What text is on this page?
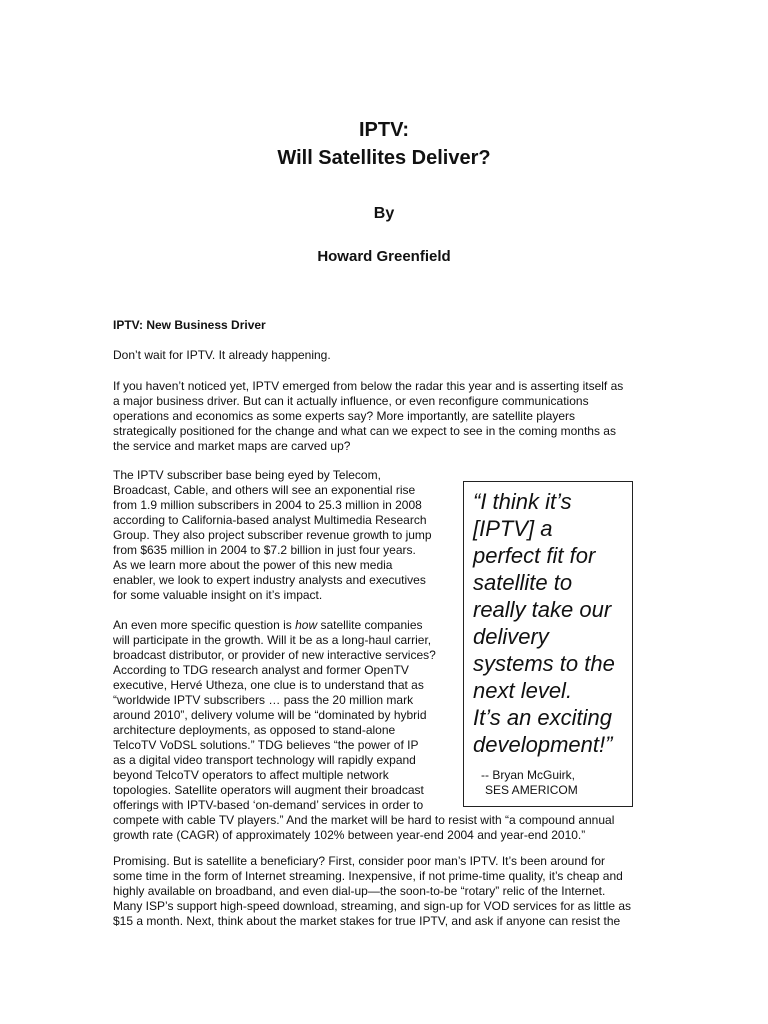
IPTV:
Will Satellites Deliver?

By

Howard Greenfield

IPTV: New Business Driver

Don’t wait for IPTV. It already happening.

If you haven’t noticed yet, IPTV emerged from below the radar this year and is asserting itself as
a major business driver. But can it actually influence, or even reconfigure communications
operations and economics as some experts say? More importantly, are satellite players
strategically positioned for the change and what can we expect to see in the coming months as
the service and market maps are carved up?

The IPTV subscriber base being eyed by Telecom,
Broadcast, Cable, and others will see an exponential rise
from 1.9 million subscribers in 2004 to 25.3 million in 2008
according to California-based analyst Multimedia Research
Group. They also project subscriber revenue growth to jump
from $635 million in 2004 to $7.2 billion in just four years.
As we learn more about the power of this new media
enabler, we look to expert industry analysts and executives
for some valuable insight on it’s impact.

An even more specific question is how satellite companies
will participate in the growth. Will it be as a long-haul carrier,
broadcast distributor, or provider of new interactive services?
According to TDG research analyst and former OpenTV
executive, Hervé Utheza, one clue is to understand that as
“worldwide IPTV subscribers … pass the 20 million mark
around 2010”, delivery volume will be “dominated by hybrid
architecture deployments, as opposed to stand-alone
TelcoTV VoDSL solutions.” TDG believes “the power of IP
as a digital video transport technology will rapidly expand
beyond TelcoTV operators to affect multiple network
topologies. Satellite operators will augment their broadcast
offerings with IPTV-based ‘on-demand’ services in order to
compete with cable TV players.” And the market will be hard to resist with “a compound annual
growth rate (CAGR) of approximately 102% between year-end 2004 and year-end 2010.”

Promising. But is satellite a beneficiary? First, consider poor man’s IPTV. It’s been around for
some time in the form of Internet streaming. Inexpensive, if not prime-time quality, it’s cheap and
highly available on broadband, and even dial-up—the soon-to-be “rotary” relic of the Internet.
Many ISP’s support high-speed download, streaming, and sign-up for VOD services for as little as
$15 a month. Next, think about the market stakes for true IPTV, and ask if anyone can resist the

“I think it’s
[IPTV] a
perfect fit for
satellite to
really take our
delivery
systems to the
next level.
It’s an exciting
development!”

-- Bryan McGuirk,
SES AMERICOM
